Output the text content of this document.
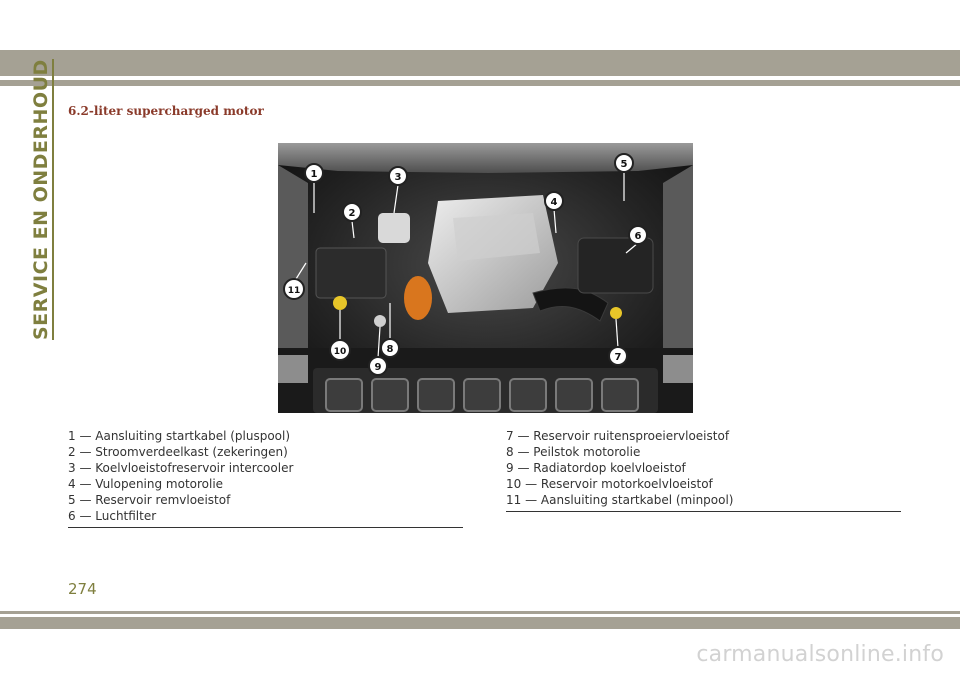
SERVICE EN ONDERHOUD	6.2-liter supercharged motor
1
2
3
4
5
6
7
8
9
10
11
1 — Aansluiting startkabel (pluspool)
2 — Stroomverdeelkast (zekeringen)
3 — Koelvloeistofreservoir intercooler
4 — Vulopening motorolie
5 — Reservoir remvloeistof
6 — Luchtfilter
7 — Reservoir ruitensproeiervloeistof
8 — Peilstok motorolie
9 — Radiatordop koelvloeistof
10 — Reservoir motorkoelvloeistof
11 — Aansluiting startkabel (minpool)
274
carmanualsonline.info
